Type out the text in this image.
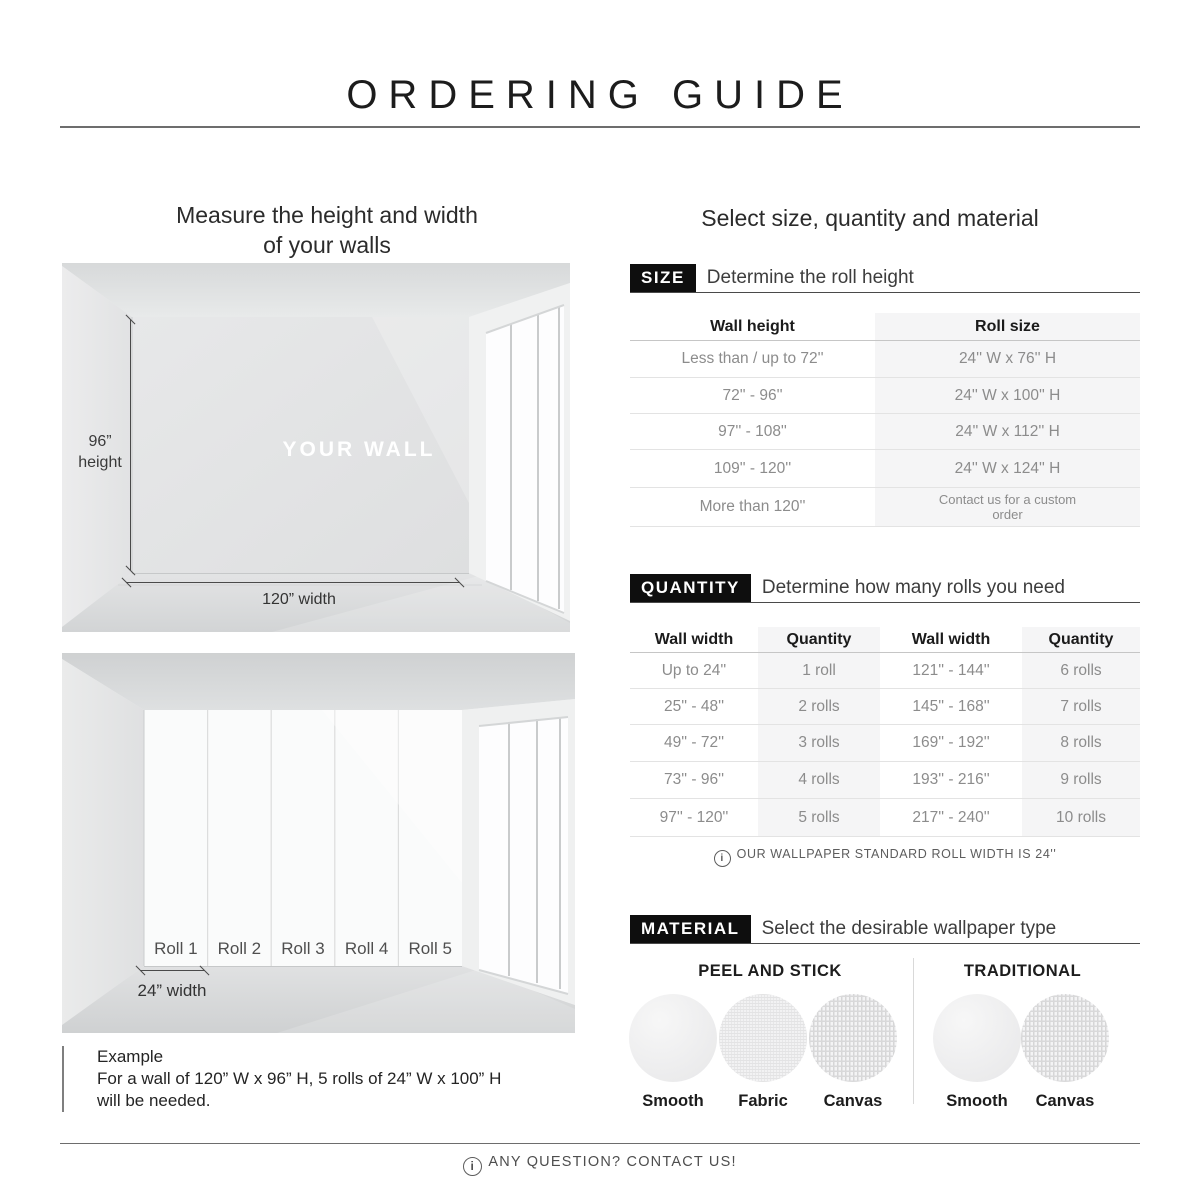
ORDERING GUIDE
Measure the height and width
of your walls
96”
height
YOUR WALL
120” width
Roll 1	Roll 2	Roll 3	Roll 4	Roll 5
24” width
Example
For a wall of 120” W x 96” H, 5 rolls of 24” W x 100” H
will be needed.
Select size, quantity and material
SIZE	Determine the roll height
Wall height	Roll size
Less than / up to 72''	24'' W x 76'' H
72'' - 96''	24'' W x 100'' H
97'' - 108''	24'' W x 112'' H
109'' - 120''	24'' W x 124'' H
More than 120''	Contact us for a custom order
QUANTITY	Determine how many rolls you need
Wall width	Quantity	Wall width	Quantity
Up to 24''	1 roll	121'' - 144''	6 rolls
25'' - 48''	2 rolls	145'' - 168''	7 rolls
49'' - 72''	3 rolls	169'' - 192''	8 rolls
73'' - 96''	4 rolls	193'' - 216''	9 rolls
97'' - 120''	5 rolls	217'' - 240''	10 rolls
i OUR WALLPAPER STANDARD ROLL WIDTH IS 24''
MATERIAL	Select the desirable wallpaper type
PEEL AND STICK	TRADITIONAL
Smooth	Fabric	Canvas	Smooth	Canvas
i ANY QUESTION? CONTACT US!
